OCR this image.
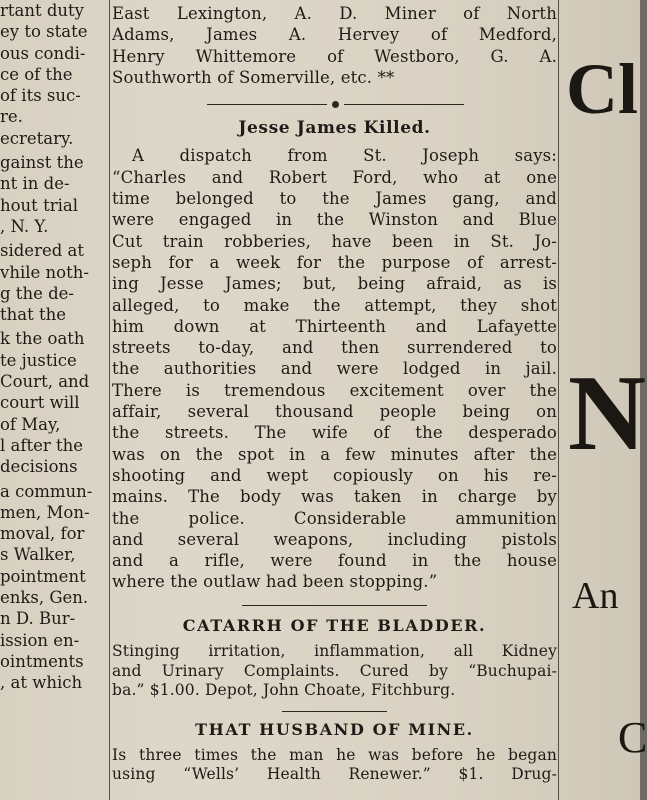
rtant duty
ey to state
ous condi-
ce of the
of its suc-
re.
ecretary.
gainst the
nt in de-
hout trial
, N. Y.
sidered at
vhile noth-
g the de-
that the
k the oath
te justice
Court, and
court will
of May,
l after the
decisions
a commun-
men, Mon-
moval, for
s Walker,
pointment
enks, Gen.
n D. Bur-
ission en-
ointments
, at which
East Lexington, A. D. Miner of North
Adams, James A. Hervey of Medford,
Henry Whittemore of Westboro, G. A.
Southworth of Somerville, etc. **
Jesse James Killed.
A dispatch from St. Joseph says:
“Charles and Robert Ford, who at one
time belonged to the James gang, and
were engaged in the Winston and Blue
Cut train robberies, have been in St. Jo-
seph for a week for the purpose of arrest-
ing Jesse James; but, being afraid, as is
alleged, to make the attempt, they shot
him down at Thirteenth and Lafayette
streets to-day, and then surrendered to
the authorities and were lodged in jail.
There is tremendous excitement over the
affair, several thousand people being on
the streets. The wife of the desperado
was on the spot in a few minutes after the
shooting and wept copiously on his re-
mains. The body was taken in charge by
the police. Considerable ammunition
and several weapons, including pistols
and a rifle, were found in the house
where the outlaw had been stopping.”
CATARRH OF THE BLADDER.
Stinging irritation, inflammation, all Kidney
and Urinary Complaints. Cured by “Buchupai-
ba.” $1.00. Depot, John Choate, Fitchburg.
THAT HUSBAND OF MINE.
Is three times the man he was before he began
using “Wells’ Health Renewer.” $1. Drug-
Cl
N
An
C
